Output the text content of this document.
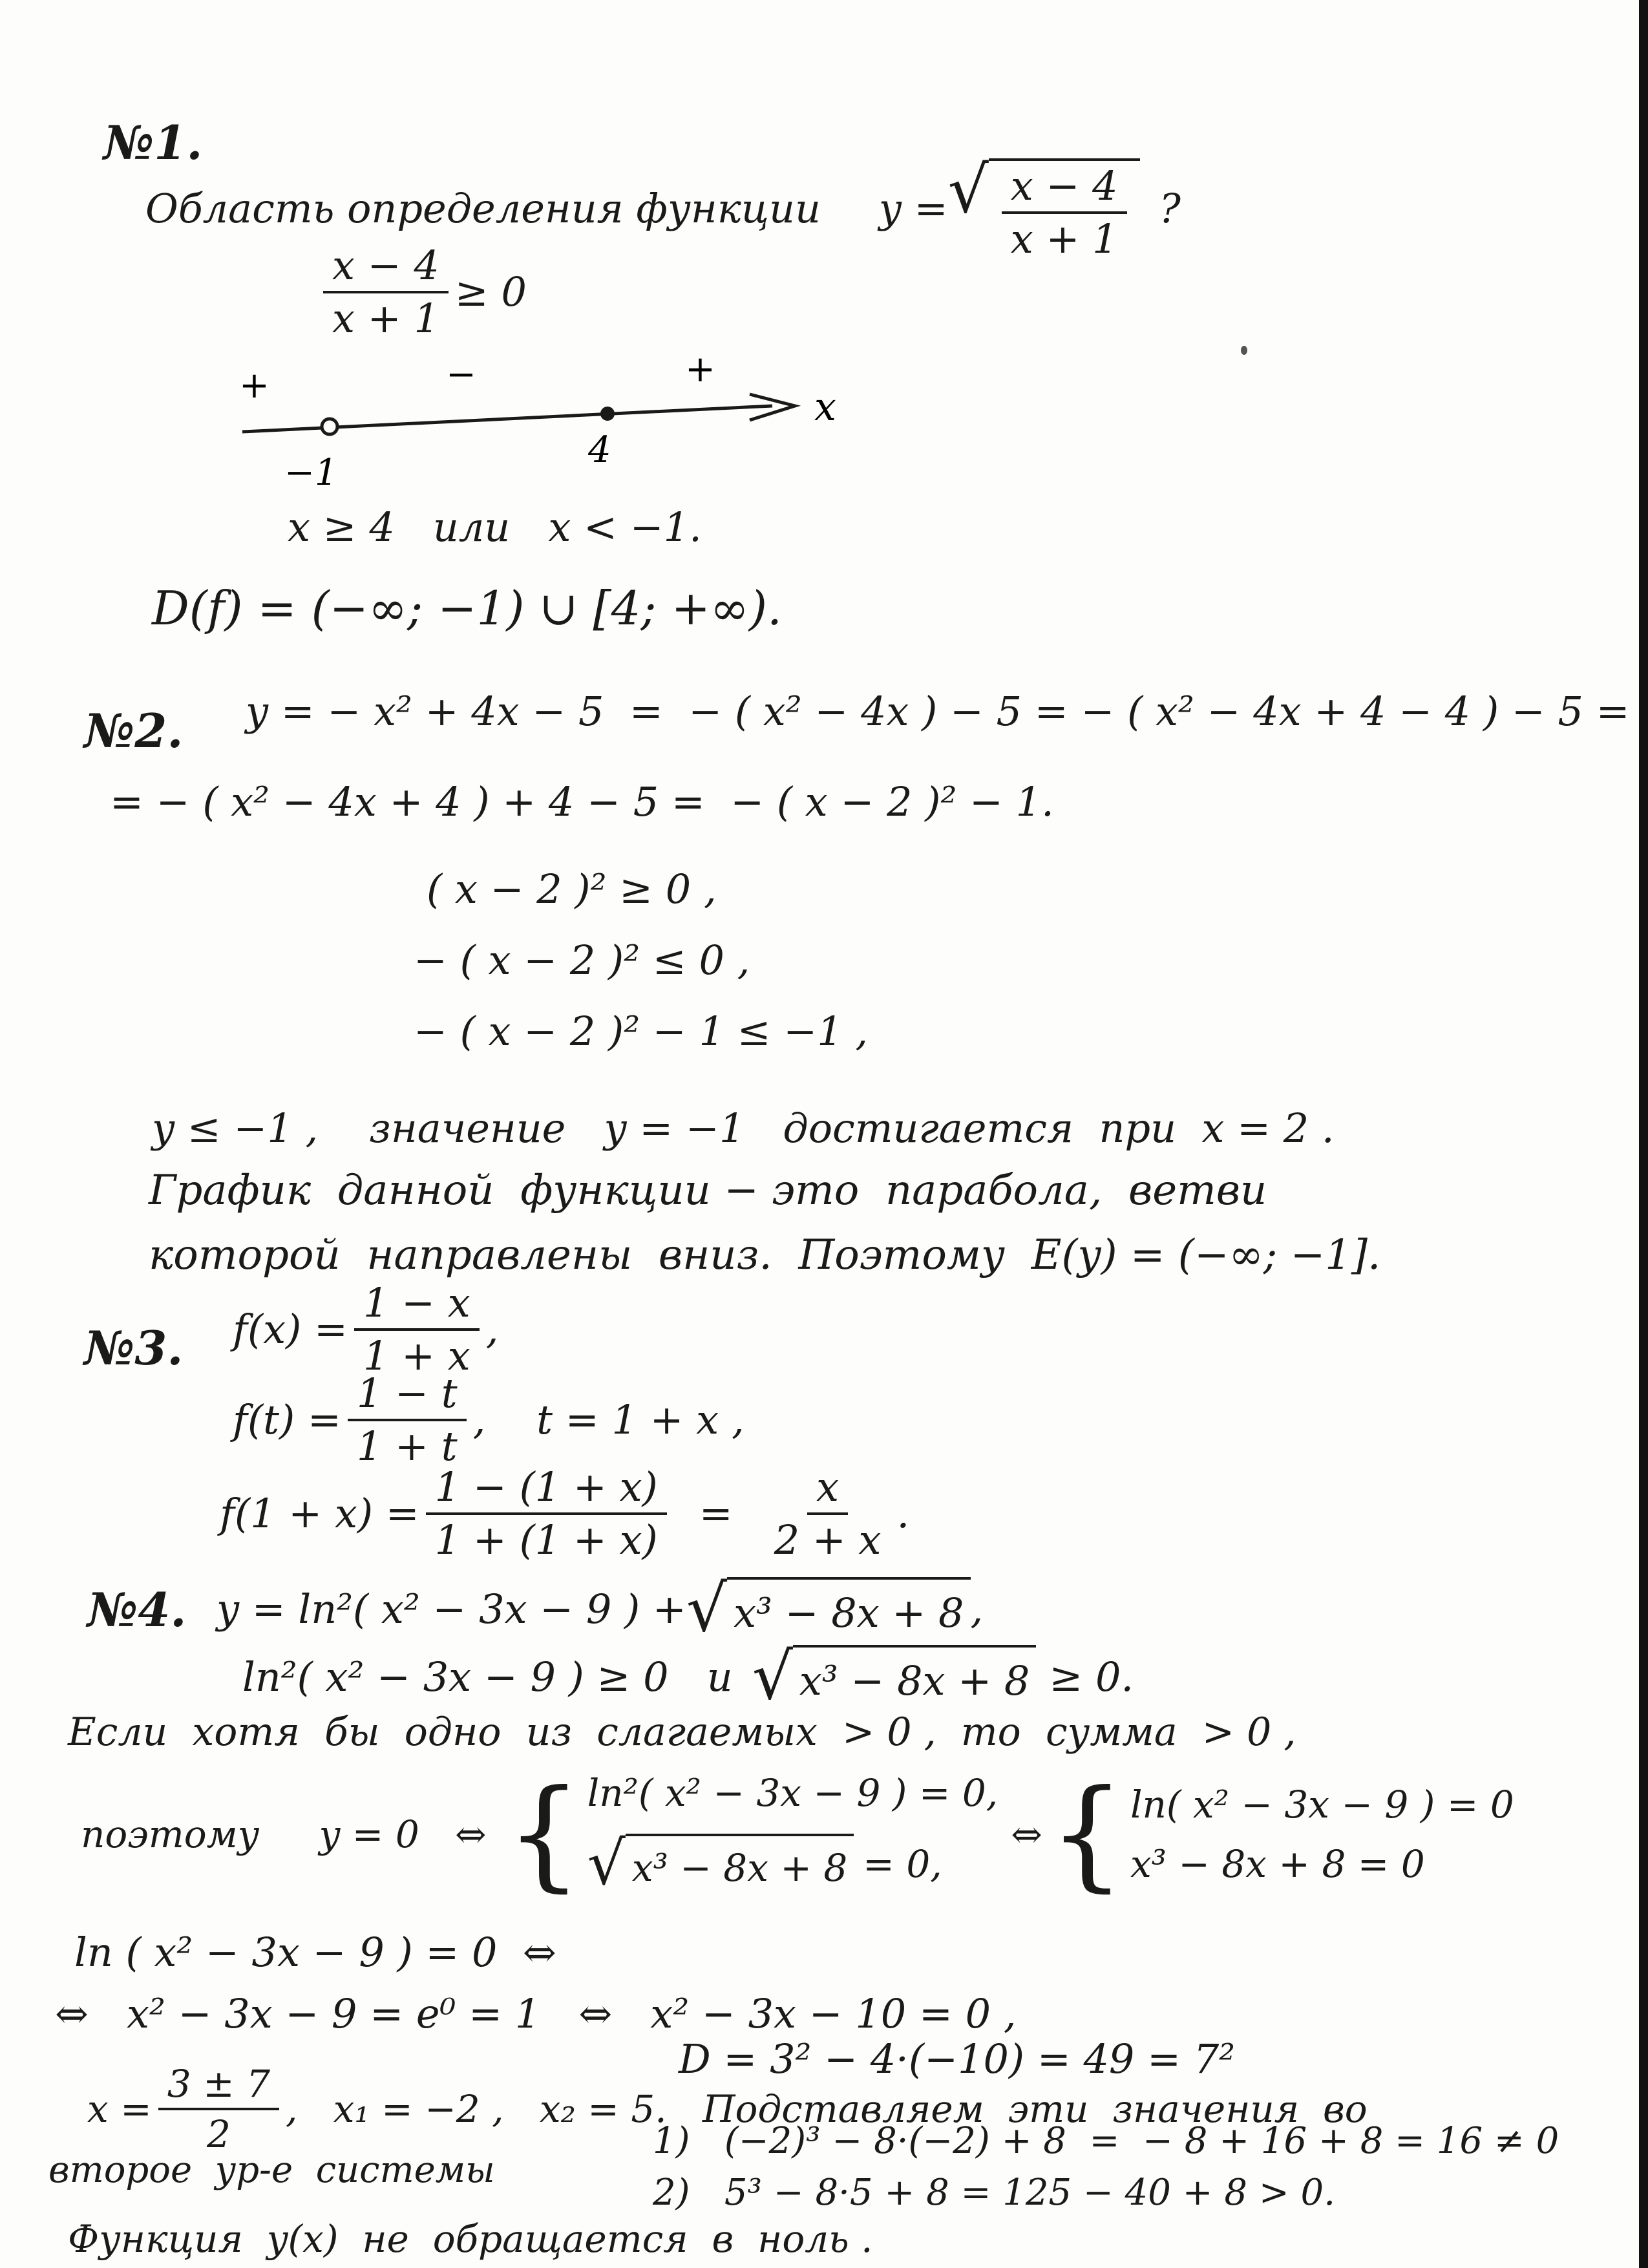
№1.
Область определения функции y = √ $\frac{x - 4}{x + 1}$ ?
$\frac{x - 4}{x + 1} \ge 0$
+	−	+
x
−1
4
x ≥ 4   или   x < −1.
D(f) = (−∞; −1) ∪ [4; +∞).
№2. y = − x² + 4x − 5  =  − ( x² − 4x ) − 5 = − ( x² − 4x + 4 − 4 ) − 5 =
= − ( x² − 4x + 4 ) + 4 − 5 =  − ( x − 2 )² − 1.
( x − 2 )² ≥ 0 ,
− ( x − 2 )² ≤ 0 ,
− ( x − 2 )² − 1 ≤ −1 ,
y ≤ −1 ,    значение   y = −1   достигается  при  x = 2 .
График  данной  функции − это  парабола,  ветви
которой  направлены  вниз.  Поэтому  E(y) = (−∞; −1].
№3. $f(x) = \frac{1 - x}{1 + x}$ ,
$f(t) = \frac{1 - t}{1 + t}$ ,    t = 1 + x ,
$f(1 + x) = \frac{1 - (1 + x)}{1 + (1 + x)} = \frac{x}{2 + x}$ .
№4. y = ln²( x² − 3x − 9 ) + √ x³ − 8x + 8 ,
ln²( x² − 3x − 9 ) ≥ 0   и √ x³ − 8x + 8 ≥ 0.
Если  хотя  бы  одно  из  слагаемых  > 0 ,  то  сумма  > 0 ,
поэтому     y = 0   ⇔ { ln²( x² − 3x − 9 ) = 0,
√ x³ − 8x + 8 = 0,
⇔ { ln( x² − 3x − 9 ) = 0
x³ − 8x + 8 = 0
ln ( x² − 3x − 9 ) = 0  ⇔
⇔   x² − 3x − 9 = e⁰ = 1   ⇔   x² − 3x − 10 = 0 ,
D = 3² − 4·(−10) = 49 = 7²
$x = \frac{3 \pm 7}{2}$ ,   x₁ = −2 ,   x₂ = 5.   Подставляем  эти  значения  во
второе  ур-е  системы
1)   (−2)³ − 8·(−2) + 8  =  − 8 + 16 + 8 = 16 ≠ 0
2)   5³ − 8·5 + 8 = 125 − 40 + 8 > 0.
Функция  y(x)  не  обращается  в  ноль .
